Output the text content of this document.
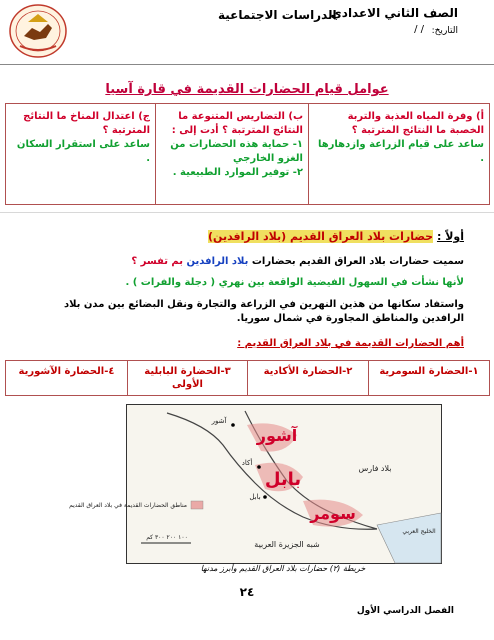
الصف الثاني الاعدادي
التاريخ:
/ /
الدراسات الاجتماعية
عوامل قيام الحضارات القديمة في قارة آسيا
أ) وفرة المياه العذبة والتربة الخصبة ما النتائج المترتبة ؟
ساعد على قيام الزراعة وازدهارها .
ب) التضاريس المتنوعة ما النتائج المترتبة ؟ أدت إلى :
١- حماية هذه الحضارات من الغزو الخارجي
٢- توفير الموارد الطبيعية .
ج) اعتدال المناخ ما النتائج المترتبة ؟
ساعد على استقرار السكان .
أولاً : حضارات بلاد العراق القديم (بلاد الرافدين)
سميت حضارات بلاد العراق القديم بحضارات بلاد الرافدين بم تفسر ؟
لأنها نشأت في السهول الفيضية الواقعة بين نهري ( دجلة والفرات ) .
واستفاد سكانها من هذين النهرين في الزراعة والتجارة ونقل البضائع بين مدن بلاد الرافدين والمناطق المجاورة في شمال سوريا.
أهم الحضارات القديمة في بلاد العراق القديم :
١-الحضارة السومرية
٢-الحضارة الأكادية
٣-الحضارة البابلية الأولى
٤-الحضارة الآشورية
آشور
بابل
سومر
آشور
بلاد فارس
أكاد
بابل
شبه الجزيرة العربية
الخليج العربي
مناطق الحضارات القديمة في بلاد العراق القديم
١٠٠ ٢٠٠ ٣٠٠ كم
خريطة (٢) حضارات بلاد العراق القديم وأبرز مدنها
٢٤
الفصل الدراسي الأول
